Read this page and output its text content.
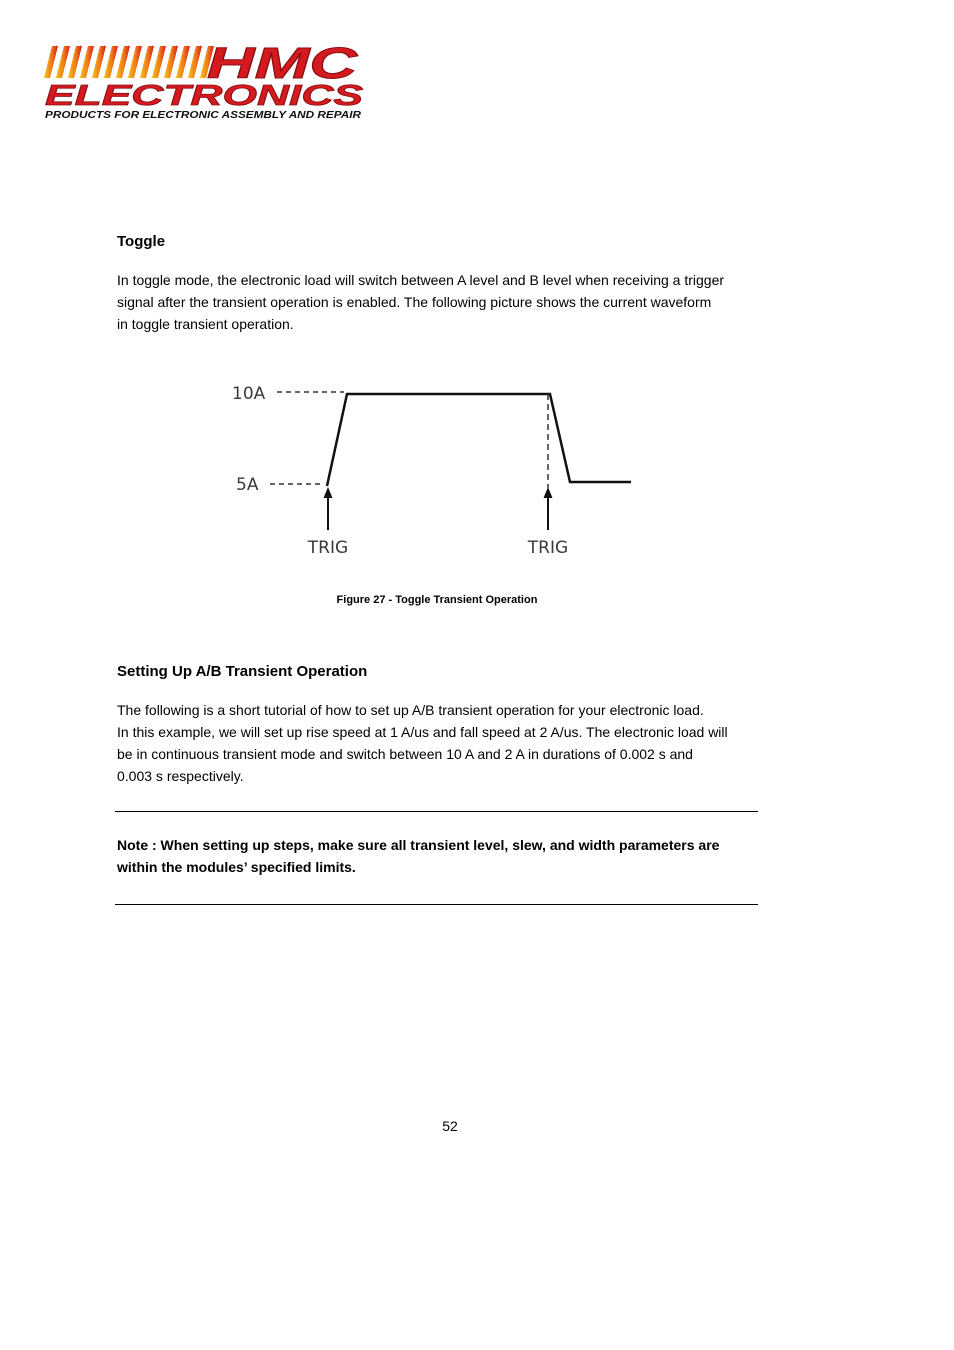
HMC
ELECTRONICS
PRODUCTS FOR ELECTRONIC ASSEMBLY AND REPAIR
Toggle
In toggle mode, the electronic load will switch between A level and B level when receiving a trigger
signal after the transient operation is enabled. The following picture shows the current waveform
in toggle transient operation.
10A
5A
TRIG	TRIG
Figure 27 - Toggle Transient Operation
Setting Up A/B Transient Operation
The following is a short tutorial of how to set up A/B transient operation for your electronic load.
In this example, we will set up rise speed at 1 A/us and fall speed at 2 A/us. The electronic load will
be in continuous transient mode and switch between 10 A and 2 A in durations of 0.002 s and
0.003 s respectively.
Note : When setting up steps, make sure all transient level, slew, and width parameters are
within the modules’ specified limits.
52
